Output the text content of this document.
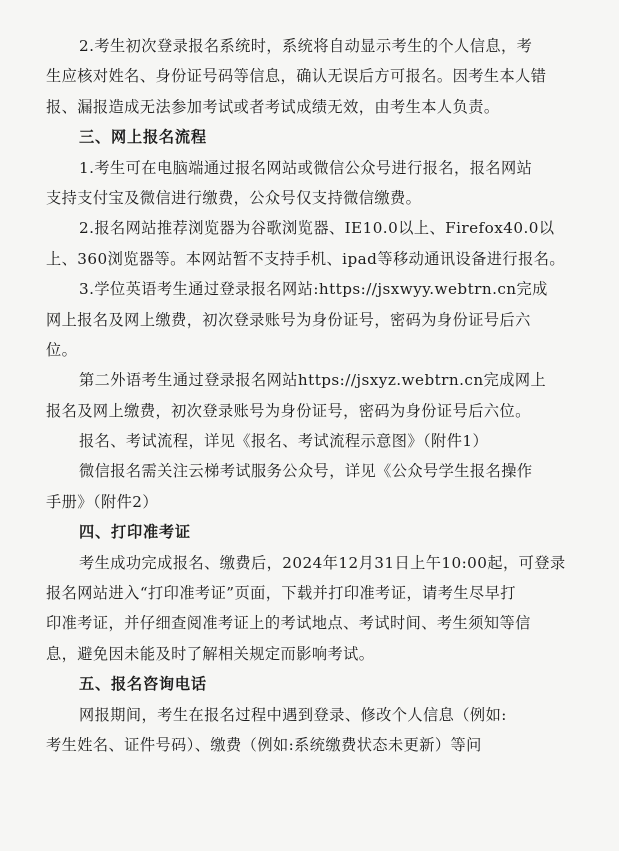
2.考生初次登录报名系统时，系统将自动显示考生的个人信息，考
生应核对姓名、身份证号码等信息，确认无误后方可报名。因考生本人错
报、漏报造成无法参加考试或者考试成绩无效，由考生本人负责。
三、网上报名流程
1.考生可在电脑端通过报名网站或微信公众号进行报名，报名网站
支持支付宝及微信进行缴费，公众号仅支持微信缴费。
2.报名网站推荐浏览器为谷歌浏览器、IE10.0以上、Firefox40.0以
上、360浏览器等。本网站暂不支持手机、ipad等移动通讯设备进行报名。
3.学位英语考生通过登录报名网站:https://jsxwyy.webtrn.cn完成
网上报名及网上缴费，初次登录账号为身份证号，密码为身份证号后六
位。
第二外语考生通过登录报名网站https://jsxyz.webtrn.cn完成网上
报名及网上缴费，初次登录账号为身份证号，密码为身份证号后六位。
报名、考试流程，详见《报名、考试流程示意图》（附件1）
微信报名需关注云梯考试服务公众号，详见《公众号学生报名操作
手册》（附件2）
四、打印准考证
考生成功完成报名、缴费后，2024年12月31日上午10:00起，可登录
报名网站进入“打印准考证”页面，下载并打印准考证，请考生尽早打
印准考证，并仔细查阅准考证上的考试地点、考试时间、考生须知等信
息，避免因未能及时了解相关规定而影响考试。
五、报名咨询电话
网报期间，考生在报名过程中遇到登录、修改个人信息（例如:
考生姓名、证件号码）、缴费（例如:系统缴费状态未更新）等问
